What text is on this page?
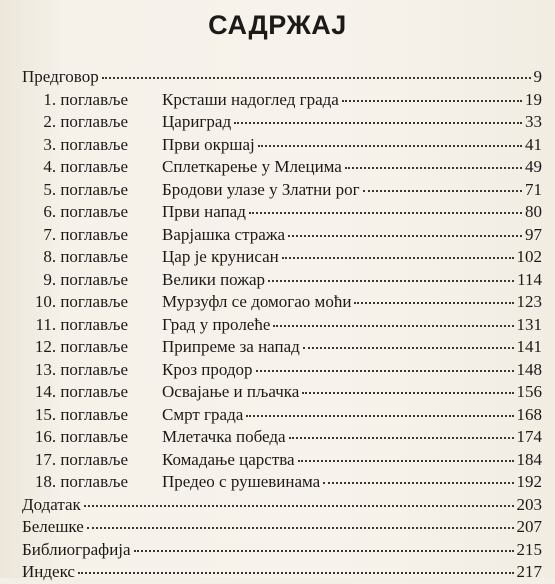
САДРЖАЈ
Предговор	9
1. поглавље Крсташи надоглед града	19
2. поглавље Цариград	33
3. поглавље Први окршај	41
4. поглавље Сплеткарење у Млецима	49
5. поглавље Бродови улазе у Златни рог	71
6. поглавље Први напад	80
7. поглавље Варјашка стража	97
8. поглавље Цар је крунисан	102
9. поглавље Велики пожар	114
10. поглавље Мурзуфл се домогао моћи	123
11. поглавље Град у пролеће	131
12. поглавље Припреме за напад	141
13. поглавље Кроз продор	148
14. поглавље Освајање и пљачка	156
15. поглавље Смрт града	168
16. поглавље Млетачка победа	174
17. поглавље Комадање царства	184
18. поглавље Предео с рушевинама	192
Додатак	203
Белешке	207
Библиографија	215
Индекс	217
